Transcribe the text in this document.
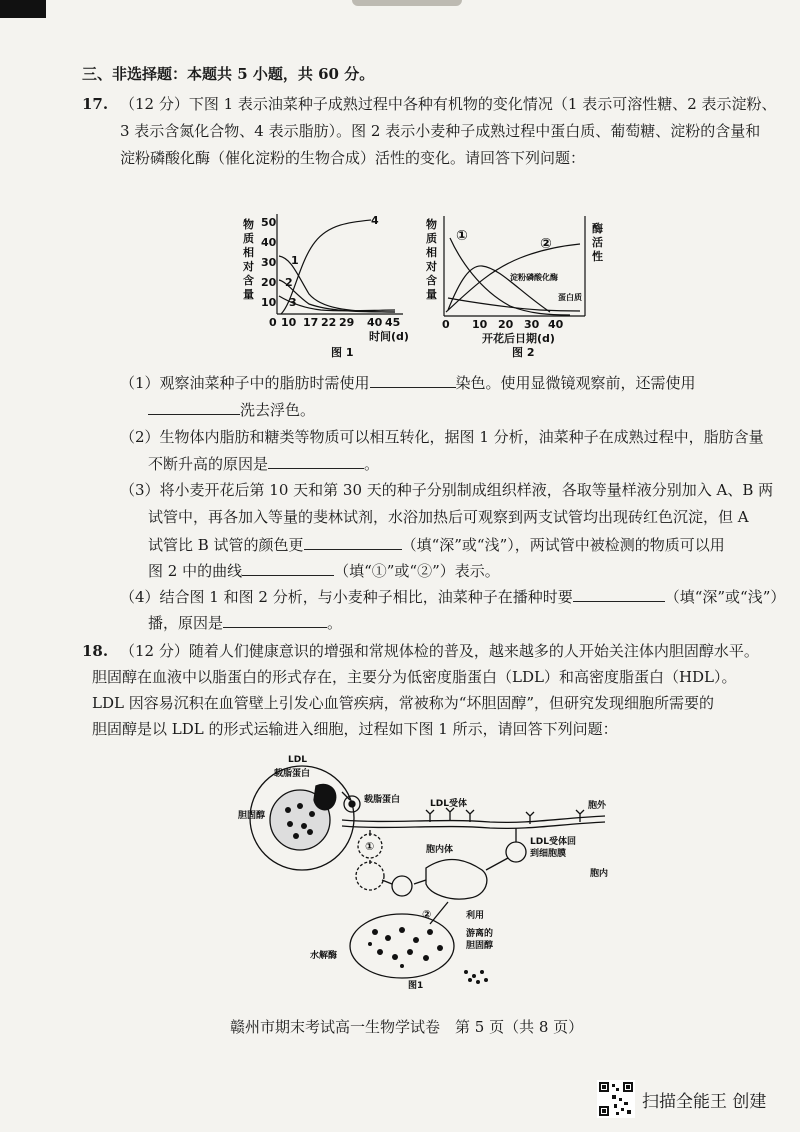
三、非选择题：本题共 5 小题，共 60 分。
17. （12 分）下图 1 表示油菜种子成熟过程中各种有机物的变化情况（1 表示可溶性糖、2 表示淀粉、
3 表示含氮化合物、4 表示脂肪）。图 2 表示小麦种子成熟过程中蛋白质、葡萄糖、淀粉的含量和
淀粉磷酸化酶（催化淀粉的生物合成）活性的变化。请回答下列问题：
物
质
相
对
含
量
50
40
30
20
10
0 10 17 22 29 40 45
时间(d)
1
2
3
4
图 1
物
质
相
对
含
量
酶
活
性
0 10 20 30 40
开花后日期(d)
①	②
淀粉磷酸化酶
蛋白质
图 2
（1）观察油菜种子中的脂肪时需使用	染色。使用显微镜观察前，还需使用
洗去浮色。
（2）生物体内脂肪和糖类等物质可以相互转化，据图 1 分析，油菜种子在成熟过程中，脂肪含量
不断升高的原因是	。
（3）将小麦开花后第 10 天和第 30 天的种子分别制成组织样液，各取等量样液分别加入 A、B 两
试管中，再各加入等量的斐林试剂，水浴加热后可观察到两支试管均出现砖红色沉淀，但 A
试管比 B 试管的颜色更	（填“深”或“浅”），两试管中被检测的物质可以用
图 2 中的曲线	（填“①”或“②”）表示。
（4）结合图 1 和图 2 分析，与小麦种子相比，油菜种子在播种时要	（填“深”或“浅”）
播，原因是	。
18. （12 分）随着人们健康意识的增强和常规体检的普及，越来越多的人开始关注体内胆固醇水平。
胆固醇在血液中以脂蛋白的形式存在，主要分为低密度脂蛋白（LDL）和高密度脂蛋白（HDL）。
LDL 因容易沉积在血管壁上引发心血管疾病，常被称为“坏胆固醇”，但研究发现细胞所需要的
胆固醇是以 LDL 的形式运输进入细胞，过程如下图 1 所示，请回答下列问题：
LDL
载脂蛋白
胆固醇
载脂蛋白	LDL受体	胞外
胞内
胞内体
LDL受体回
到细胞膜
①
②	利用
游离的
胆固醇
水解酶
图1
赣州市期末考试高一生物学试卷　第 5 页（共 8 页）
扫描全能王 创建
